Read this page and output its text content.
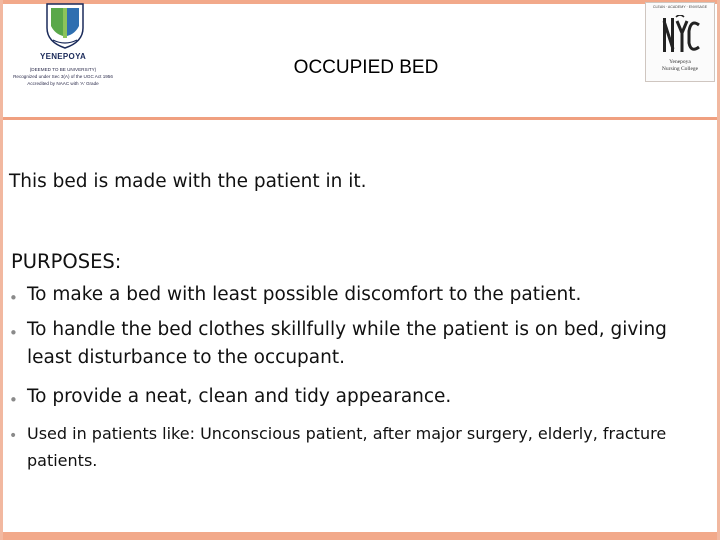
YENEPOYA
(DEEMED TO BE UNIVERSITY)
Recognized under Sec 3(A) of the UGC Act 1956
Accredited by NAAC with 'A' Grade
OCCUPIED BED
CLEAN · ACADEMY · ENVISAGE
Yenepoya
Nursing College
This bed is made with the patient in it.
PURPOSES:
• To make a bed with least possible discomfort to the patient.
• To handle the bed clothes skillfully while the patient is on bed, giving least disturbance to the occupant.
• To provide a neat, clean and tidy appearance.
• Used in patients like: Unconscious patient, after major surgery, elderly, fracture patients.
